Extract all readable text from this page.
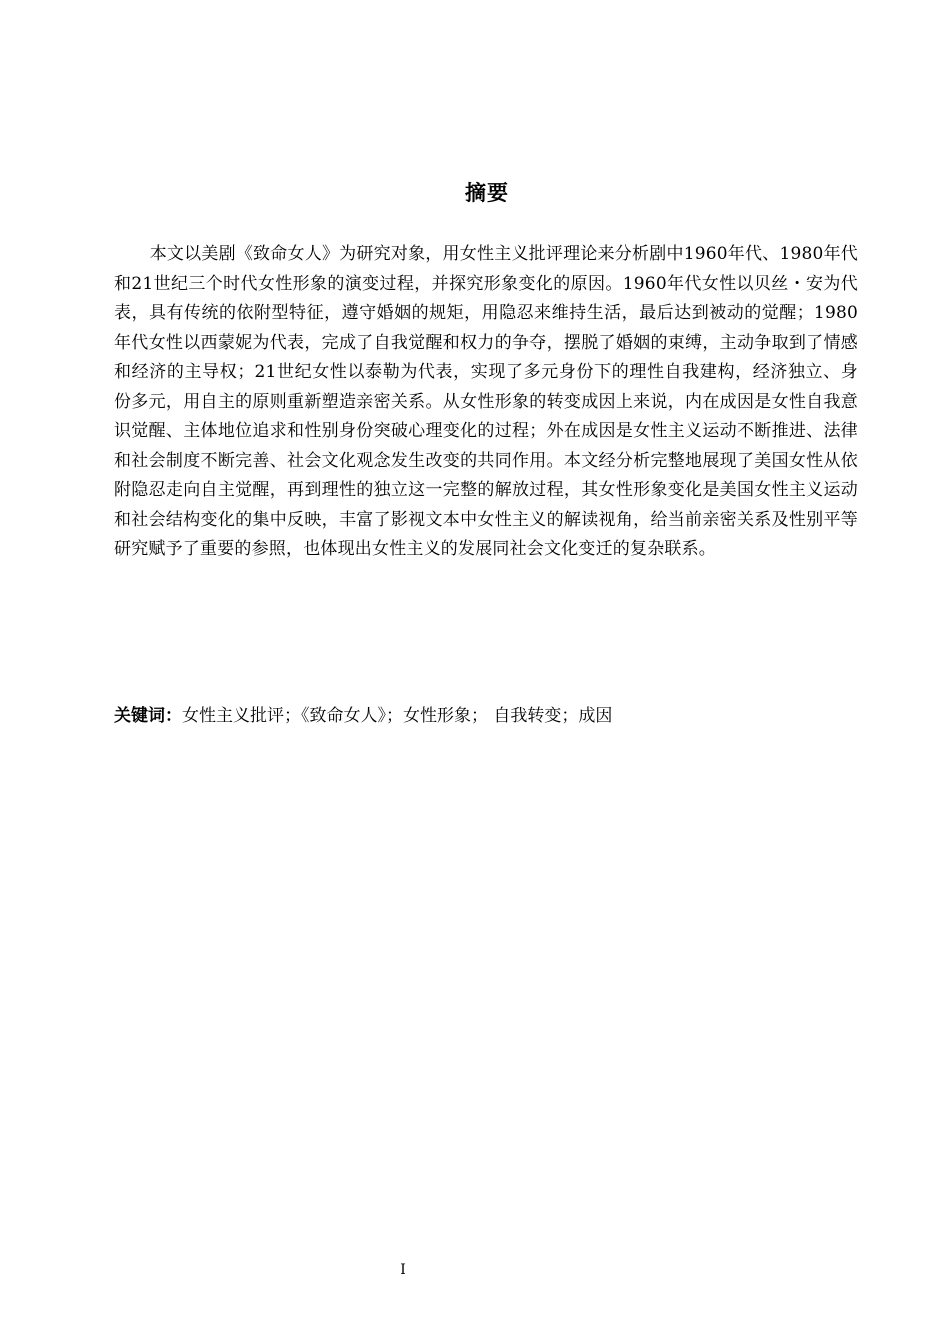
摘要

本文以美剧《致命女人》为研究对象，用女性主义批评理论来分析剧中1960年代、1980年代和21世纪三个时代女性形象的演变过程，并探究形象变化的原因。1960年代女性以贝丝・安为代表，具有传统的依附型特征，遵守婚姻的规矩，用隐忍来维持生活，最后达到被动的觉醒；1980年代女性以西蒙妮为代表，完成了自我觉醒和权力的争夺，摆脱了婚姻的束缚，主动争取到了情感和经济的主导权；21世纪女性以泰勒为代表，实现了多元身份下的理性自我建构，经济独立、身份多元，用自主的原则重新塑造亲密关系。从女性形象的转变成因上来说，内在成因是女性自我意识觉醒、主体地位追求和性别身份突破心理变化的过程；外在成因是女性主义运动不断推进、法律和社会制度不断完善、社会文化观念发生改变的共同作用。本文经分析完整地展现了美国女性从依附隐忍走向自主觉醒，再到理性的独立这一完整的解放过程，其女性形象变化是美国女性主义运动和社会结构变化的集中反映，丰富了影视文本中女性主义的解读视角，给当前亲密关系及性别平等研究赋予了重要的参照，也体现出女性主义的发展同社会文化变迁的复杂联系。

关键词：女性主义批评；《致命女人》；女性形象； 自我转变；成因

I
